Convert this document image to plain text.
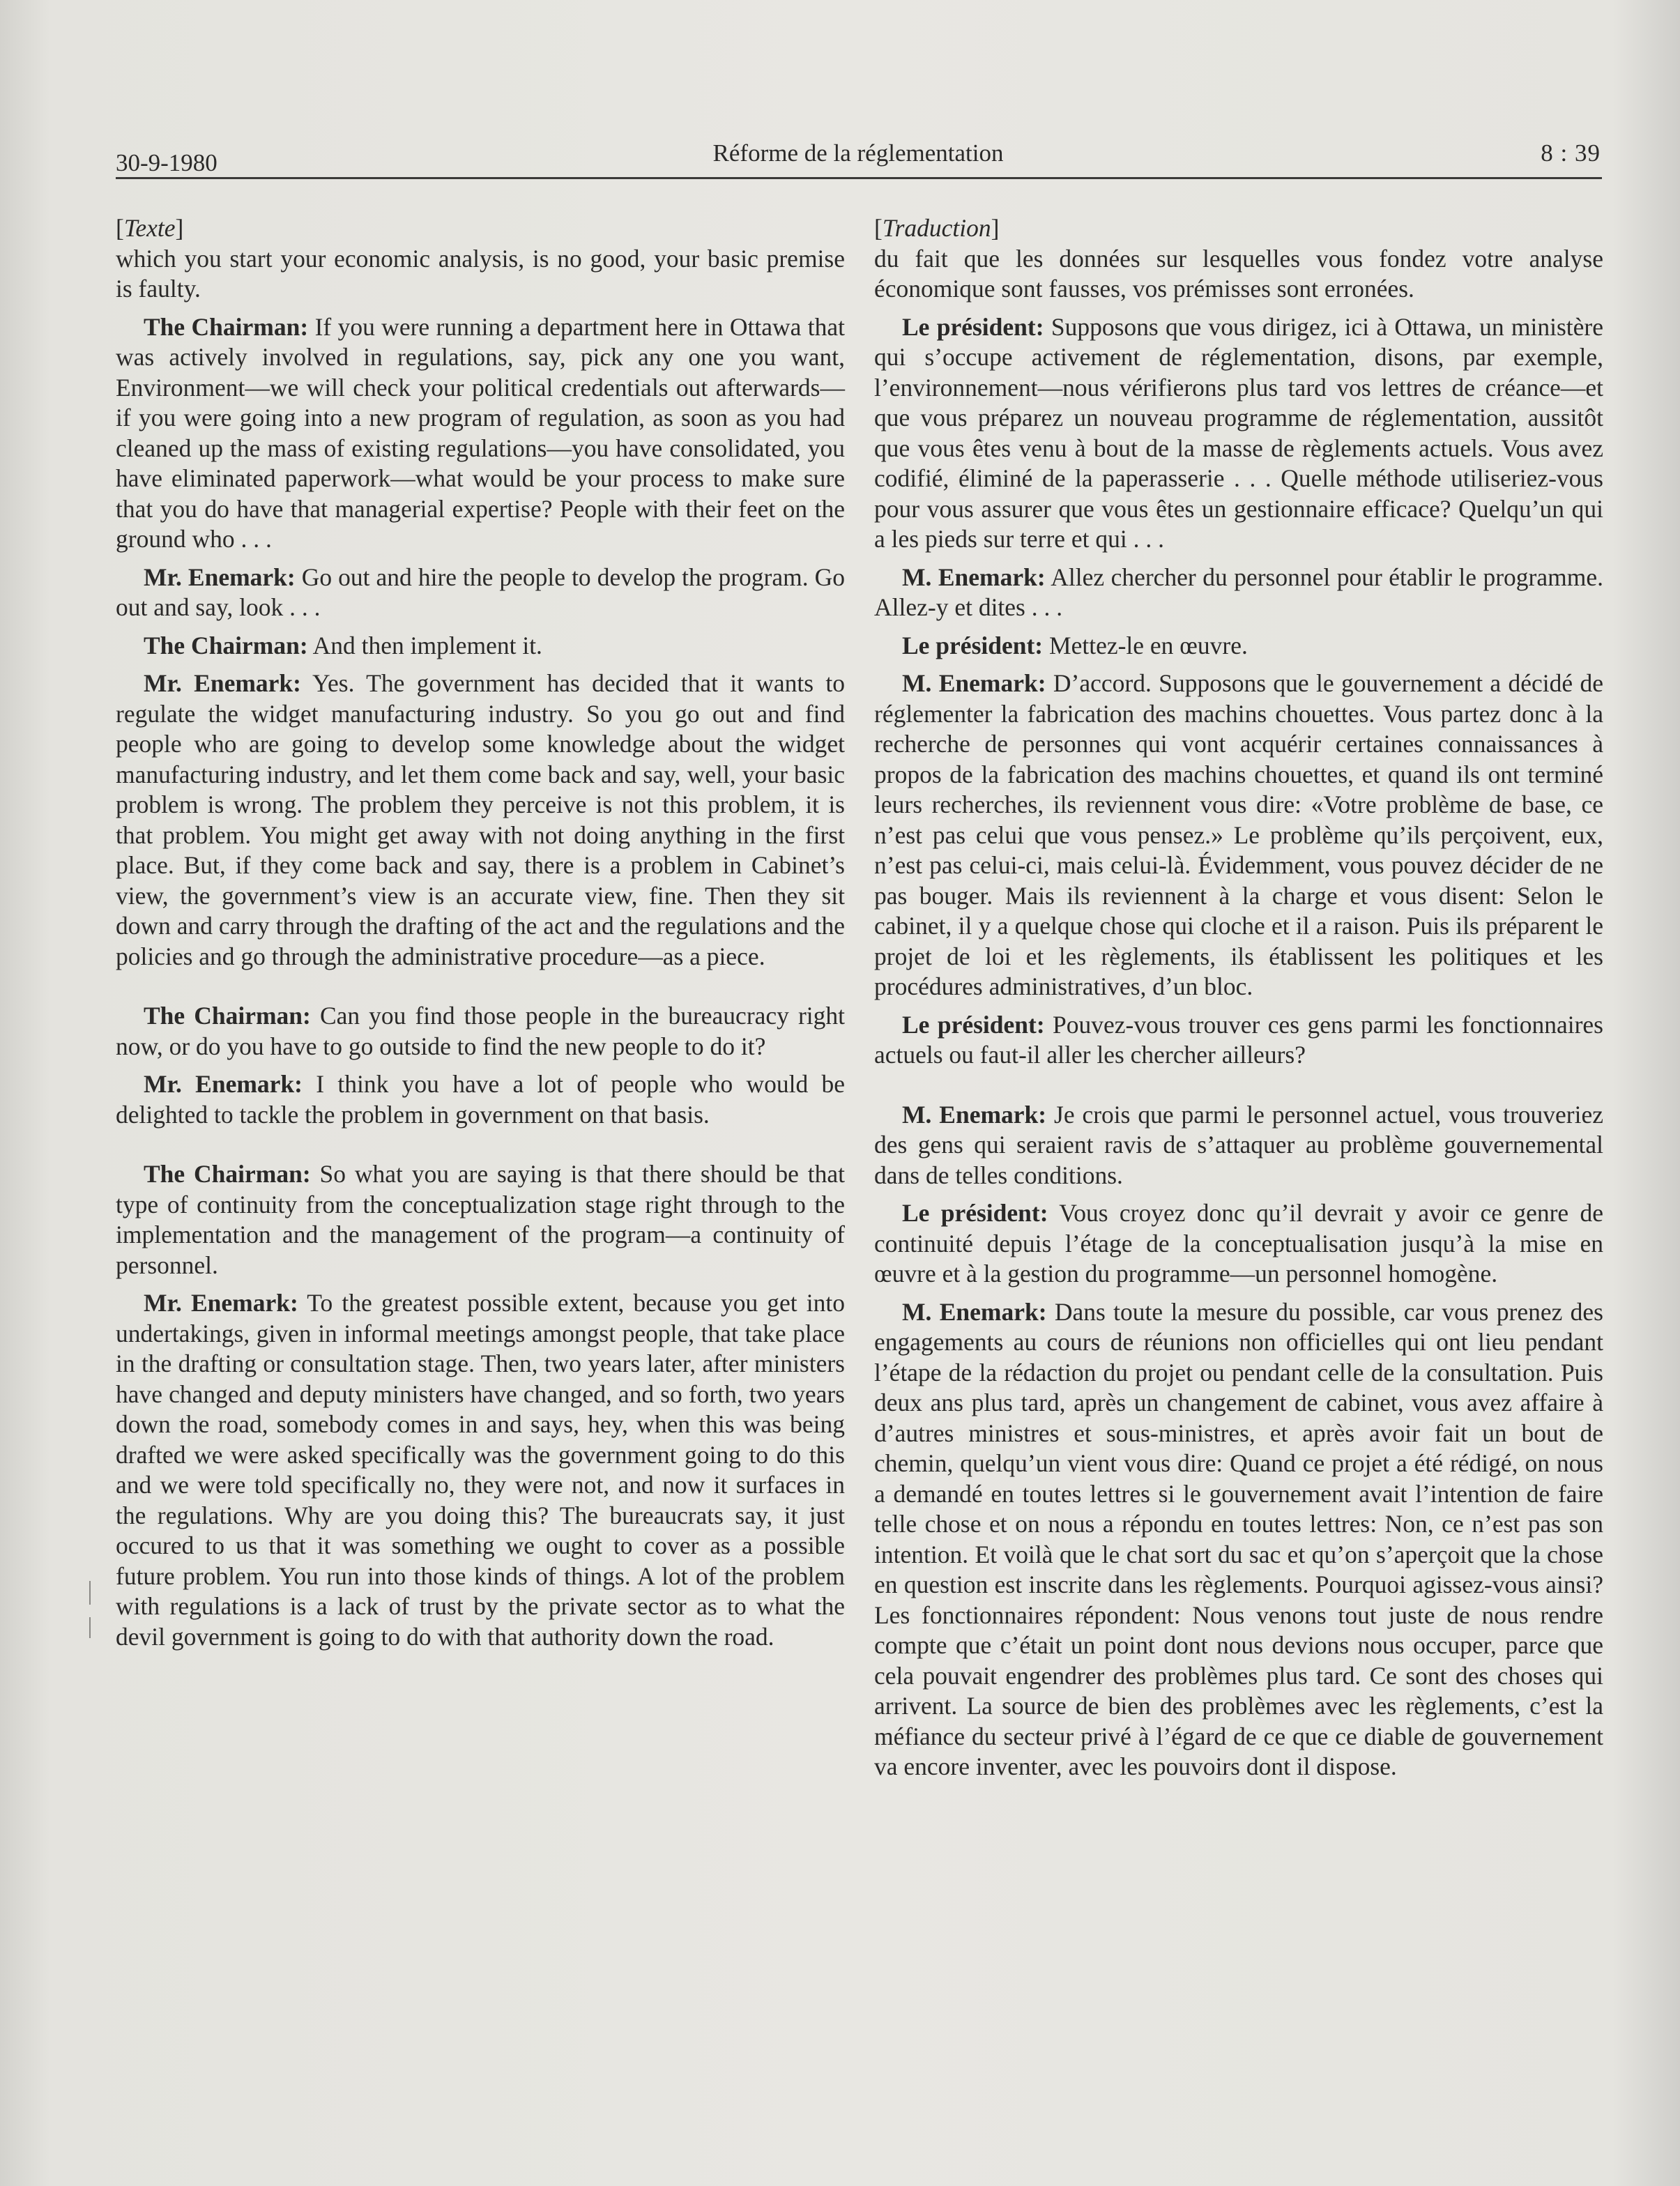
30-9-1980	Réforme de la réglementation	8 : 39
[ Texte ]

which you start your economic analysis, is no good, your basic premise is faulty.

The Chairman: If you were running a department here in Ottawa that was actively involved in regulations, say, pick any one you want, Environment—we will check your political credentials out afterwards—if you were going into a new program of regulation, as soon as you had cleaned up the mass of existing regulations—you have consolidated, you have eliminated paperwork—what would be your process to make sure that you do have that managerial expertise? People with their feet on the ground who . . .

Mr. Enemark: Go out and hire the people to develop the program. Go out and say, look . . .

The Chairman: And then implement it.

Mr. Enemark: Yes. The government has decided that it wants to regulate the widget manufacturing industry. So you go out and find people who are going to develop some knowledge about the widget manufacturing industry, and let them come back and say, well, your basic problem is wrong. The problem they perceive is not this problem, it is that problem. You might get away with not doing anything in the first place. But, if they come back and say, there is a problem in Cabinet’s view, the government’s view is an accurate view, fine. Then they sit down and carry through the drafting of the act and the regulations and the policies and go through the administrative procedure—as a piece.

The Chairman: Can you find those people in the bureaucracy right now, or do you have to go outside to find the new people to do it?

Mr. Enemark: I think you have a lot of people who would be delighted to tackle the problem in government on that basis.

The Chairman: So what you are saying is that there should be that type of continuity from the conceptualization stage right through to the implementation and the management of the program—a continuity of personnel.

Mr. Enemark: To the greatest possible extent, because you get into undertakings, given in informal meetings amongst people, that take place in the drafting or consultation stage. Then, two years later, after ministers have changed and deputy ministers have changed, and so forth, two years down the road, somebody comes in and says, hey, when this was being drafted we were asked specifically was the government going to do this and we were told specifically no, they were not, and now it surfaces in the regulations. Why are you doing this? The bureaucrats say, it just occured to us that it was something we ought to cover as a possible future problem. You run into those kinds of things. A lot of the problem with regulations is a lack of trust by the private sector as to what the devil government is going to do with that authority down the road.

[ Traduction ]

du fait que les données sur lesquelles vous fondez votre analyse économique sont fausses, vos prémisses sont erronées.

Le président: Supposons que vous dirigez, ici à Ottawa, un ministère qui s’occupe activement de réglementation, disons, par exemple, l’environnement—nous vérifierons plus tard vos lettres de créance—et que vous préparez un nouveau programme de réglementation, aussitôt que vous êtes venu à bout de la masse de règlements actuels. Vous avez codifié, éliminé de la paperasserie . . . Quelle méthode utiliseriez-vous pour vous assurer que vous êtes un gestionnaire efficace? Quelqu’un qui a les pieds sur terre et qui . . .

M. Enemark: Allez chercher du personnel pour établir le programme. Allez-y et dites . . .

Le président: Mettez-le en œuvre.

M. Enemark: D’accord. Supposons que le gouvernement a décidé de réglementer la fabrication des machins chouettes. Vous partez donc à la recherche de personnes qui vont acquérir certaines connaissances à propos de la fabrication des machins chouettes, et quand ils ont terminé leurs recherches, ils reviennent vous dire: «Votre problème de base, ce n’est pas celui que vous pensez.» Le problème qu’ils perçoivent, eux, n’est pas celui-ci, mais celui-là. Évidemment, vous pouvez décider de ne pas bouger. Mais ils reviennent à la charge et vous disent: Selon le cabinet, il y a quelque chose qui cloche et il a raison. Puis ils préparent le projet de loi et les règlements, ils établissent les politiques et les procédures administratives, d’un bloc.

Le président: Pouvez-vous trouver ces gens parmi les fonctionnaires actuels ou faut-il aller les chercher ailleurs?

M. Enemark: Je crois que parmi le personnel actuel, vous trouveriez des gens qui seraient ravis de s’attaquer au problème gouvernemental dans de telles conditions.

Le président: Vous croyez donc qu’il devrait y avoir ce genre de continuité depuis l’étage de la conceptualisation jusqu’à la mise en œuvre et à la gestion du programme—un personnel homogène.

M. Enemark: Dans toute la mesure du possible, car vous prenez des engagements au cours de réunions non officielles qui ont lieu pendant l’étape de la rédaction du projet ou pendant celle de la consultation. Puis deux ans plus tard, après un changement de cabinet, vous avez affaire à d’autres ministres et sous-ministres, et après avoir fait un bout de chemin, quelqu’un vient vous dire: Quand ce projet a été rédigé, on nous a demandé en toutes lettres si le gouvernement avait l’intention de faire telle chose et on nous a répondu en toutes lettres: Non, ce n’est pas son intention. Et voilà que le chat sort du sac et qu’on s’aperçoit que la chose en question est inscrite dans les règlements. Pourquoi agissez-vous ainsi? Les fonctionnaires répondent: Nous venons tout juste de nous rendre compte que c’était un point dont nous devions nous occuper, parce que cela pouvait engendrer des problèmes plus tard. Ce sont des choses qui arrivent. La source de bien des problèmes avec les règlements, c’est la méfiance du secteur privé à l’égard de ce que ce diable de gouvernement va encore inventer, avec les pouvoirs dont il dispose.
